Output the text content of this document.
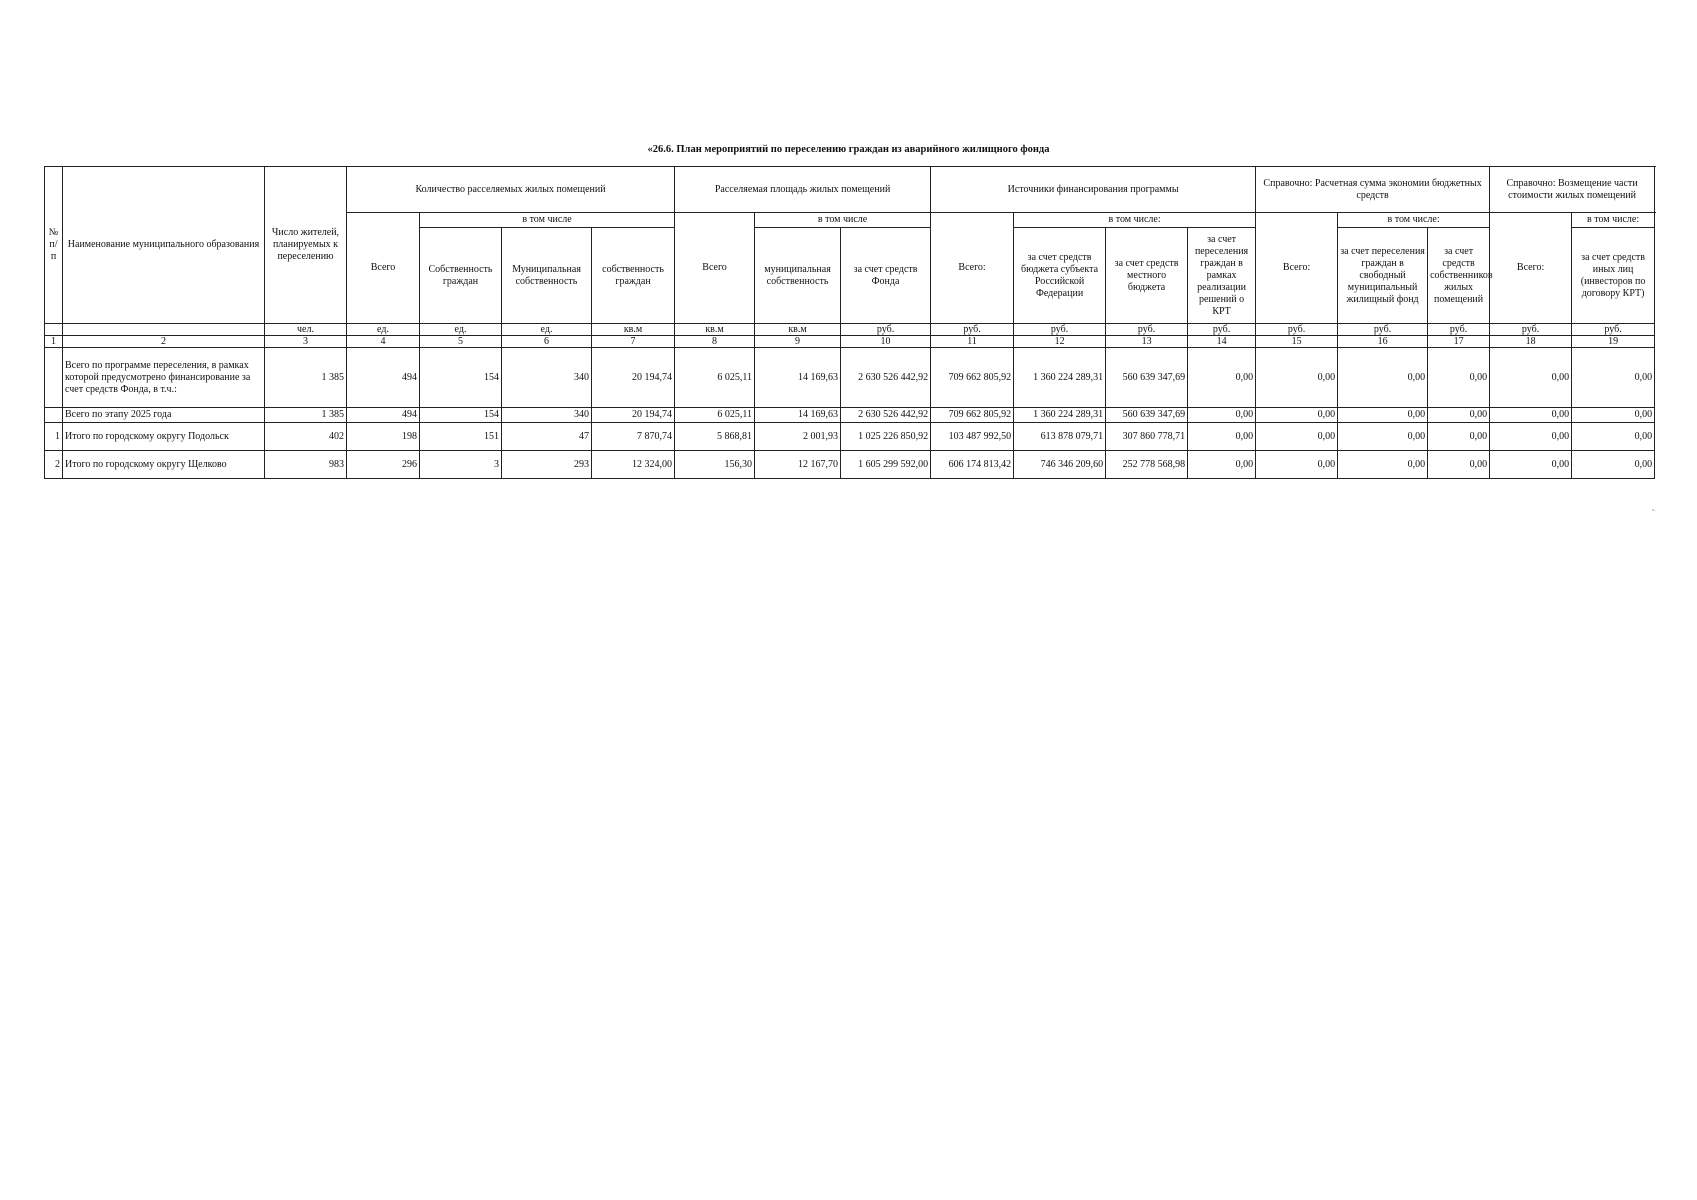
«26.6. План мероприятий по переселению граждан из аварийного жилищного фонда
№ п/п	Наименование муниципального образования	Число жителей, планируемых к переселению	Количество расселяемых жилых помещений				Расселяемая площадь жилых помещений			Источники финансирования программы				Справочно: Расчетная сумма экономии бюджетных средств			Справочно: Возмещение части стоимости жилых помещений	
			Всего	в том числе			Всего	в том числе		Всего:	в том числе:			Всего:	в том числе:		Всего:	в том числе:
				Собственность граждан	Муниципальная собственность	собственность граждан		муниципальная собственность	за счет средств Фонда		за счет средств бюджета субъекта Российской Федерации	за счет средств местного бюджета	за счет переселения граждан в рамках реализации решений о КРТ		за счет переселения граждан в свободный муниципальный жилищный фонд	за счет средств собственников жилых помещений		за счет средств иных лиц (инвесторов по договору КРТ)
		чел.	ед.	ед.	ед.	кв.м	кв.м	кв.м	руб.	руб.	руб.	руб.	руб.	руб.	руб.	руб.	руб.	руб.
1	2	3	4	5	6	7	8	9	10	11	12	13	14	15	16	17	18	19
	Всего по программе переселения, в рамках которой предусмотрено финансирование за счет средств Фонда, в т.ч.:	1 385	494	154	340	20 194,74	6 025,11	14 169,63	2 630 526 442,92	709 662 805,92	1 360 224 289,31	560 639 347,69	0,00	0,00	0,00	0,00	0,00	0,00
	Всего по этапу 2025 года	1 385	494	154	340	20 194,74	6 025,11	14 169,63	2 630 526 442,92	709 662 805,92	1 360 224 289,31	560 639 347,69	0,00	0,00	0,00	0,00	0,00	0,00
1	Итого по городскому округу Подольск	402	198	151	47	7 870,74	5 868,81	2 001,93	1 025 226 850,92	103 487 992,50	613 878 079,71	307 860 778,71	0,00	0,00	0,00	0,00	0,00	0,00
2	Итого по городскому округу Щелково	983	296	3	293	12 324,00	156,30	12 167,70	1 605 299 592,00	606 174 813,42	746 346 209,60	252 778 568,98	0,00	0,00	0,00	0,00	0,00	0,00
».
